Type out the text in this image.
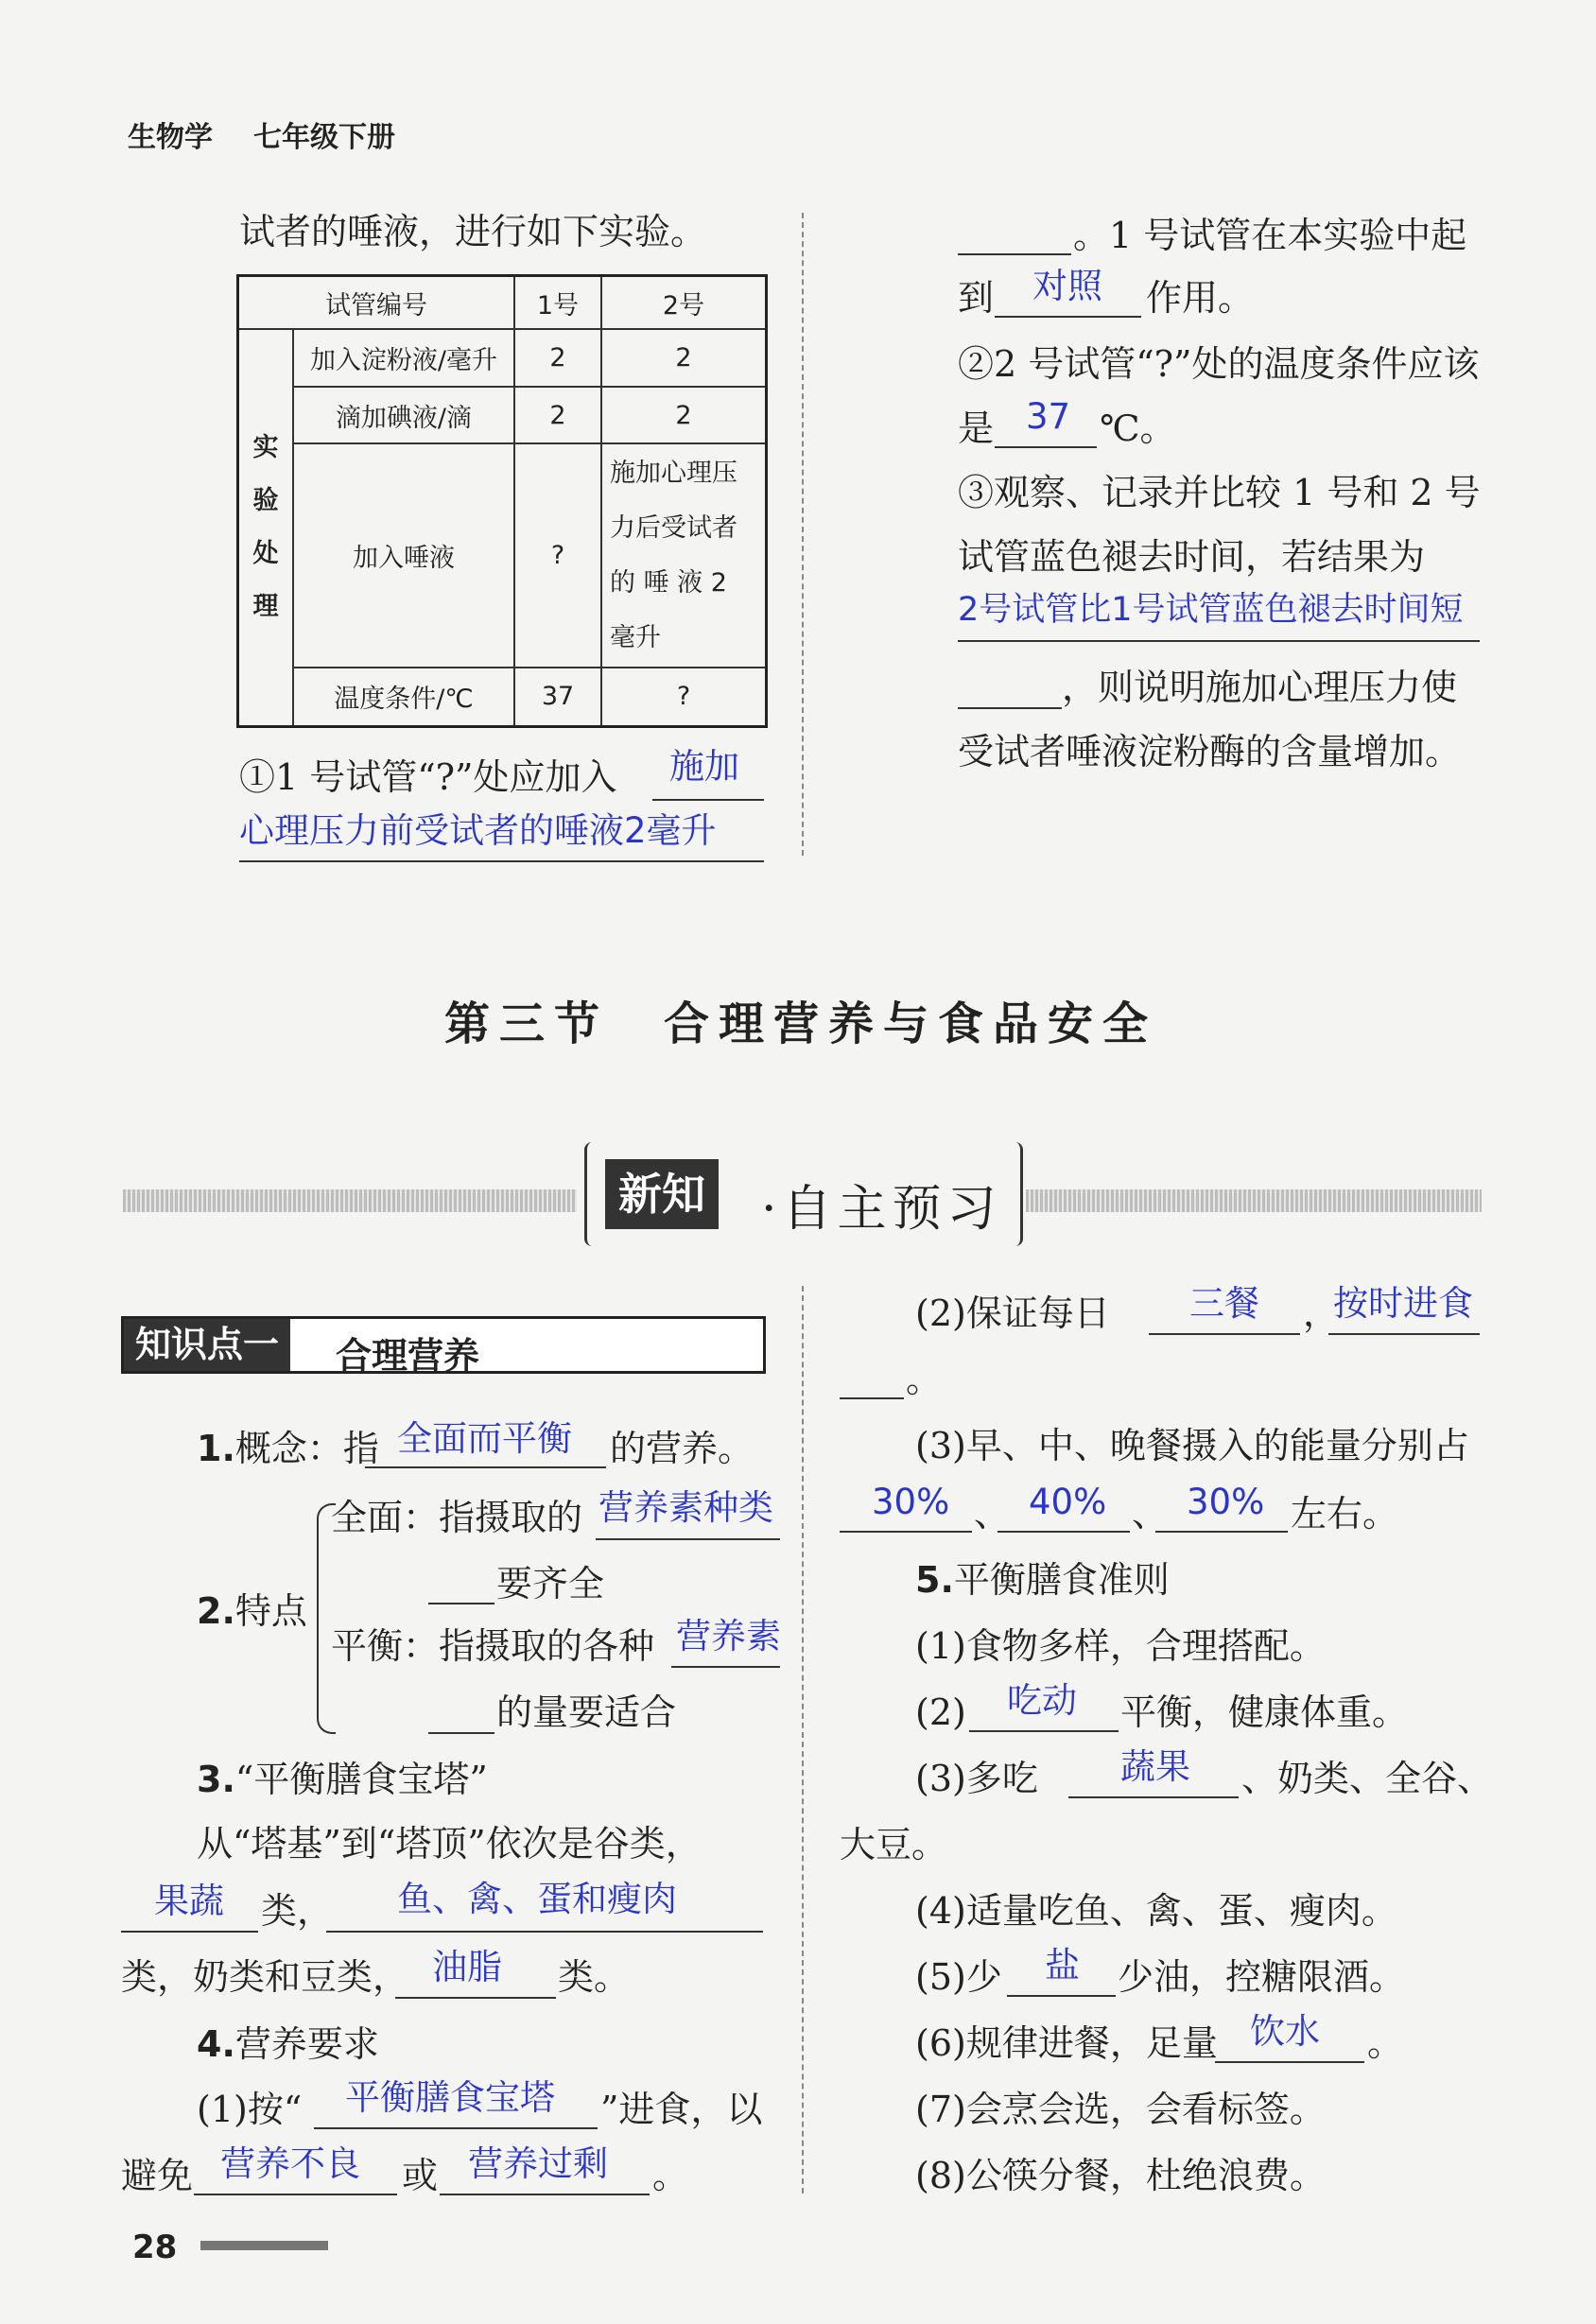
生物学 七年级下册
试者的唾液，进行如下实验。
试管编号		1号	2号

实
验
处
理	加入淀粉液/毫升	2	2
	滴加碘液/滴	2	2
	加入唾液	?	施加心理压
力后受试者
的 唾 液 2
毫升

	温度条件/℃	37	?
①1 号试管“?”处应加入 施加
心理压力前受试者的唾液2毫升
。1 号试管在本实验中起
到 对照 作用。
②2 号试管“?”处的温度条件应该
是 37 ℃。
③观察、记录并比较 1 号和 2 号
试管蓝色褪去时间，若结果为
2号试管比1号试管蓝色褪去时间短
，则说明施加心理压力使
受试者唾液淀粉酶的含量增加。
第三节　合理营养与食品安全
新知 ·自主预习
知识点一	合理营养
1.概念：指 全面而平衡 的营养。
2.特点
全面：指摄取的 营养素种类
要齐全
平衡：指摄取的各种 营养素
的量要适合
3.“平衡膳食宝塔”
从“塔基”到“塔顶”依次是谷类，
果蔬 类， 鱼、禽、蛋和瘦肉
类，奶类和豆类， 油脂 类。
4.营养要求
(1)按“ 平衡膳食宝塔 ”进食，以
避免 营养不良 或 营养过剩 。
(2)保证每日 三餐 ，
按时进食
。
(3)早、中、晚餐摄入的能量分别占
30% 、 40% 、 30% 左右。
5.平衡膳食准则
(1)食物多样，合理搭配。
(2) 吃动 平衡，健康体重。
(3)多吃 蔬果 、奶类、全谷、
大豆。
(4)适量吃鱼、禽、蛋、瘦肉。
(5)少 盐 少油，控糖限酒。
(6)规律进餐，足量 饮水 。
(7)会烹会选，会看标签。
(8)公筷分餐，杜绝浪费。
28
